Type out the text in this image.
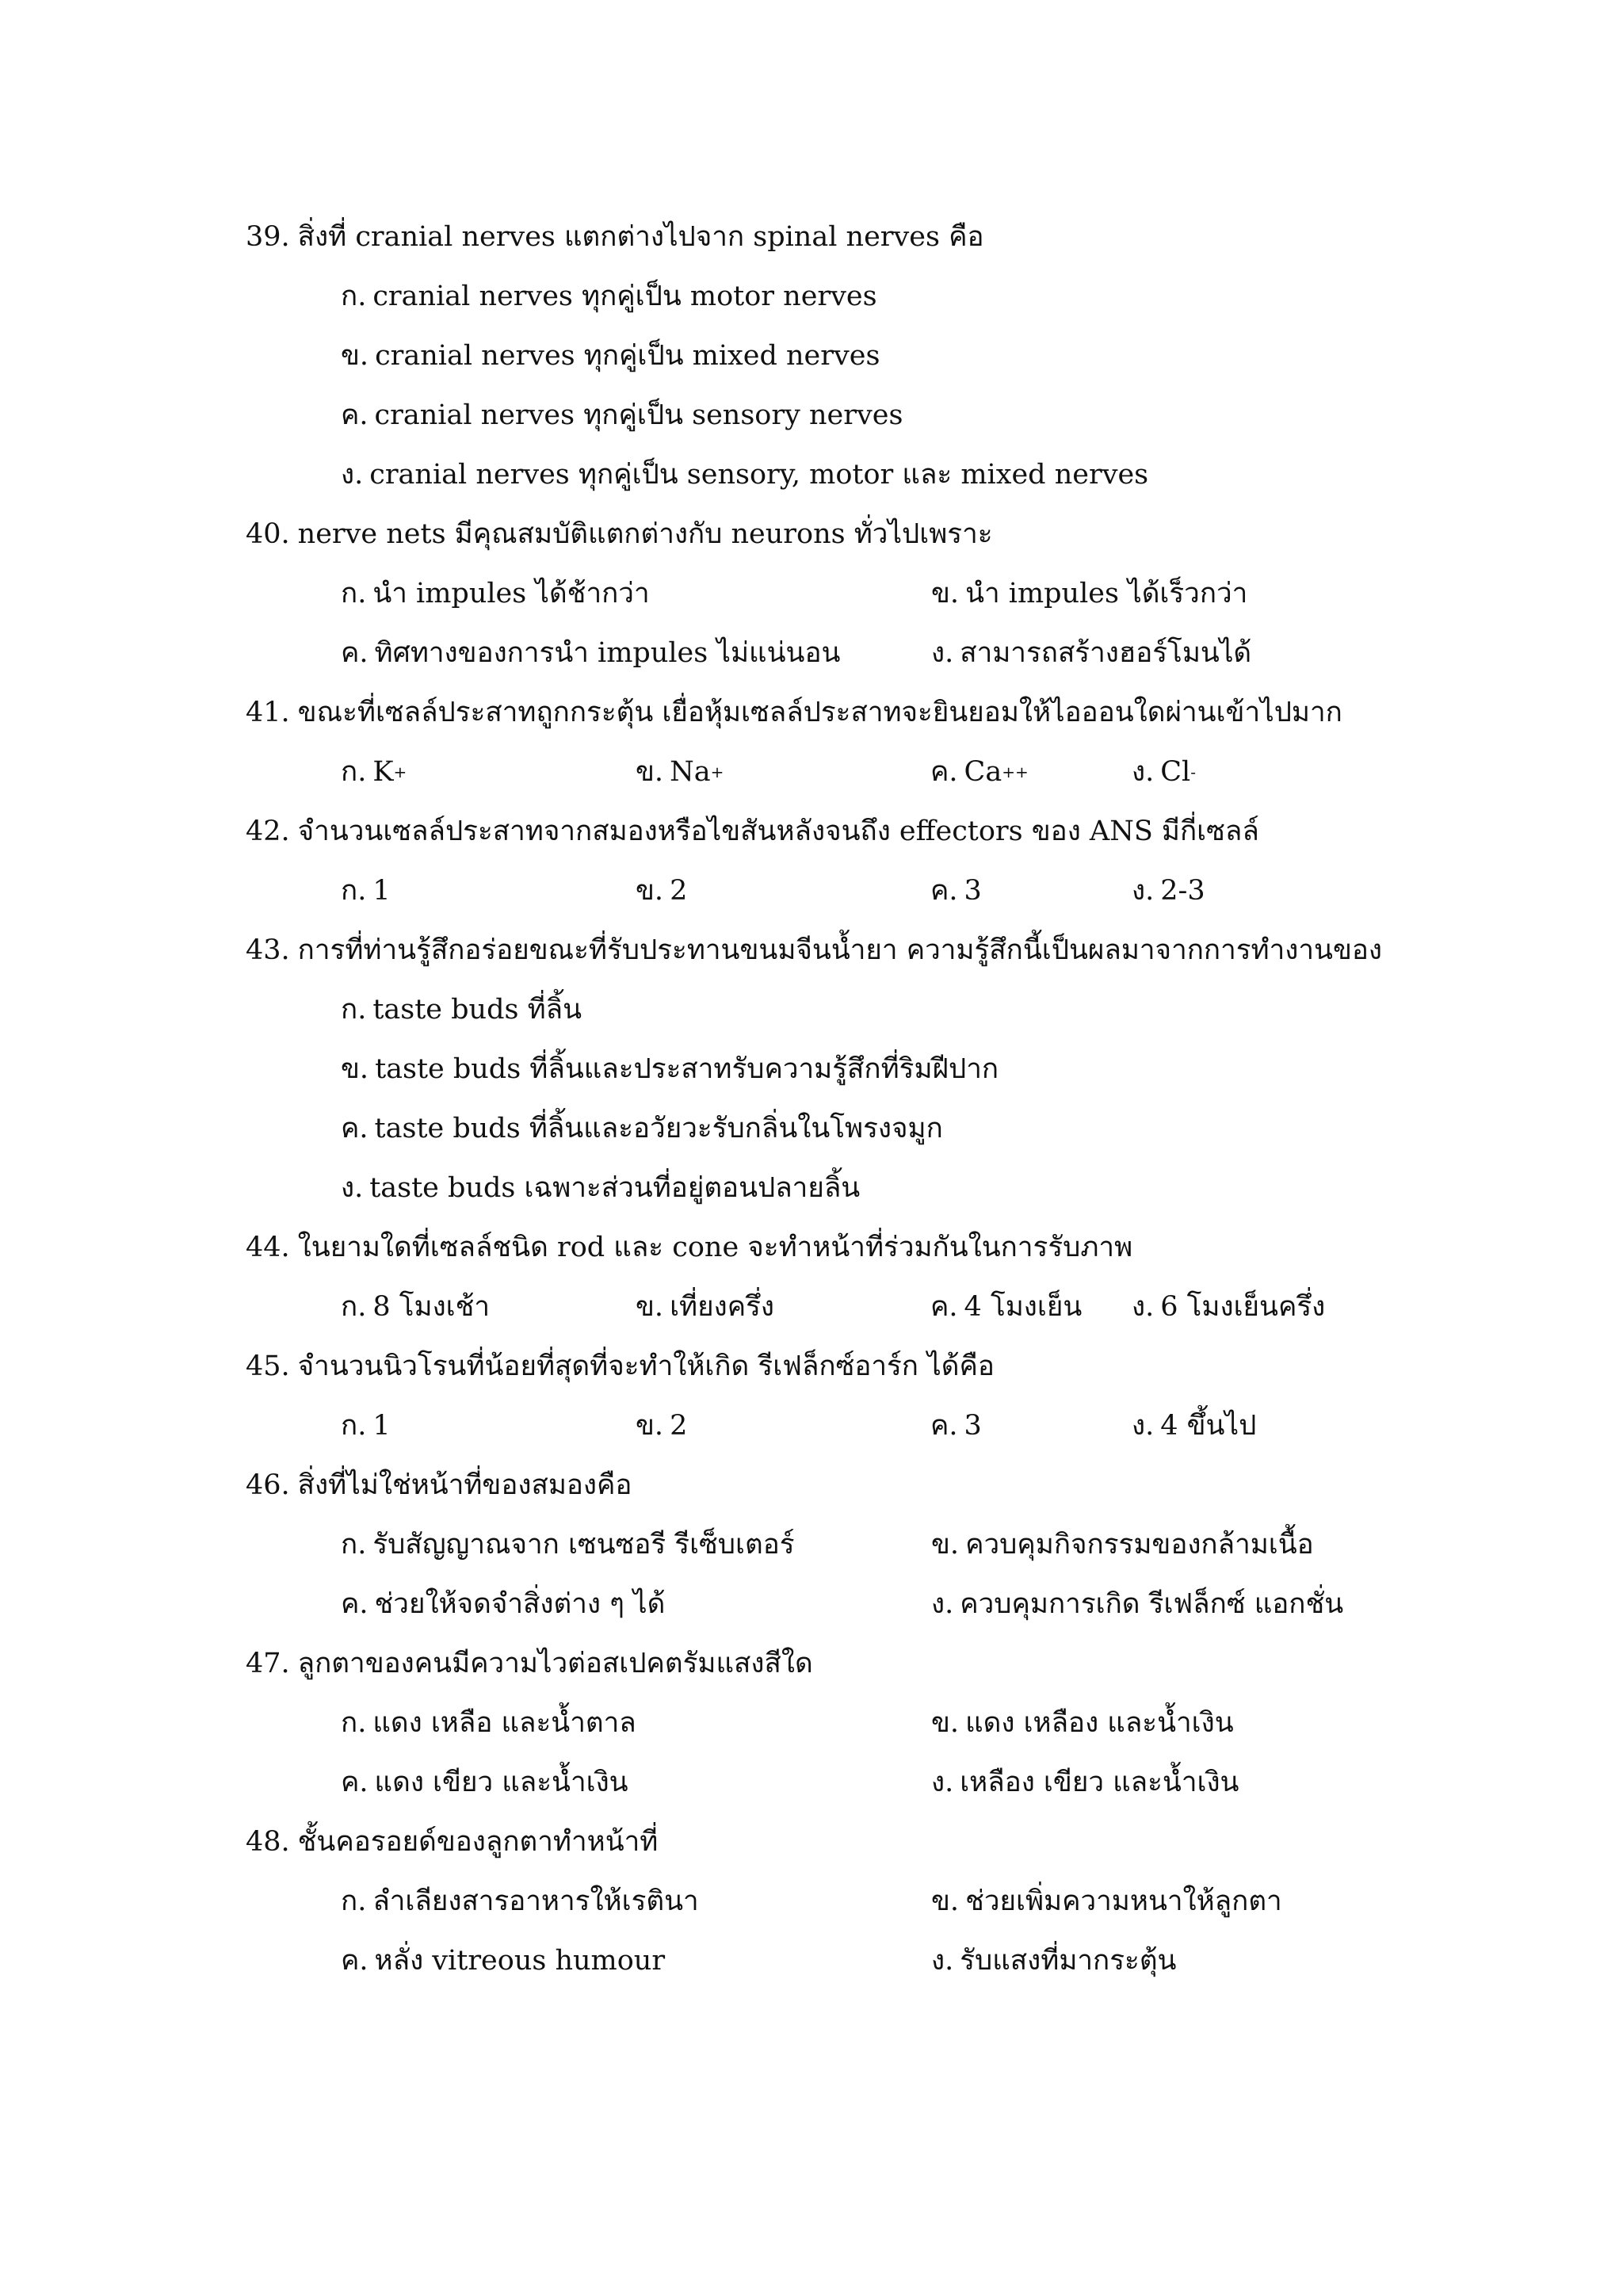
39. สิ่งที่ cranial nerves แตกต่างไปจาก spinal nerves คือ
ก. cranial nerves ทุกคู่เป็น motor nerves
ข. cranial nerves ทุกคู่เป็น mixed nerves
ค. cranial nerves ทุกคู่เป็น sensory nerves
ง. cranial nerves ทุกคู่เป็น sensory, motor และ mixed nerves
40. nerve nets มีคุณสมบัติแตกต่างกับ neurons ทั่วไปเพราะ
ก. นำ impules ได้ช้ากว่า	ข. นำ impules ได้เร็วกว่า
ค. ทิศทางของการนำ impules ไม่แน่นอน	ง. สามารถสร้างฮอร์โมนได้
41. ขณะที่เซลล์ประสาทถูกกระตุ้น เยื่อหุ้มเซลล์ประสาทจะยินยอมให้ไอออนใดผ่านเข้าไปมาก
ก. K+	ข. Na+	ค. Ca++	ง. Cl-
42. จำนวนเซลล์ประสาทจากสมองหรือไขสันหลังจนถึง effectors ของ ANS มีกี่เซลล์
ก. 1	ข. 2	ค. 3	ง. 2-3
43. การที่ท่านรู้สึกอร่อยขณะที่รับประทานขนมจีนน้ำยา ความรู้สึกนี้เป็นผลมาจากการทำงานของ
ก. taste buds ที่ลิ้น
ข. taste buds ที่ลิ้นและประสาทรับความรู้สึกที่ริมฝีปาก
ค. taste buds ที่ลิ้นและอวัยวะรับกลิ่นในโพรงจมูก
ง. taste buds เฉพาะส่วนที่อยู่ตอนปลายลิ้น
44. ในยามใดที่เซลล์ชนิด rod และ cone จะทำหน้าที่ร่วมกันในการรับภาพ
ก. 8 โมงเช้า	ข. เที่ยงครึ่ง	ค. 4 โมงเย็น ง. 6 โมงเย็นครึ่ง
45. จำนวนนิวโรนที่น้อยที่สุดที่จะทำให้เกิด รีเฟล็กซ์อาร์ก ได้คือ
ก. 1	ข. 2	ค. 3	ง. 4 ขึ้นไป
46. สิ่งที่ไม่ใช่หน้าที่ของสมองคือ
ก. รับสัญญาณจาก เซนซอรี รีเซ็บเตอร์	ข. ควบคุมกิจกรรมของกล้ามเนื้อ
ค. ช่วยให้จดจำสิ่งต่าง ๆ ได้	ง. ควบคุมการเกิด รีเฟล็กซ์ แอกชั่น
47. ลูกตาของคนมีความไวต่อสเปคตรัมแสงสีใด
ก. แดง เหลือ และน้ำตาล	ข. แดง เหลือง และน้ำเงิน
ค. แดง เขียว และน้ำเงิน	ง. เหลือง เขียว และน้ำเงิน
48. ชั้นคอรอยด์ของลูกตาทำหน้าที่
ก. ลำเลียงสารอาหารให้เรตินา	ข. ช่วยเพิ่มความหนาให้ลูกตา
ค. หลั่ง vitreous humour	ง. รับแสงที่มากระตุ้น
